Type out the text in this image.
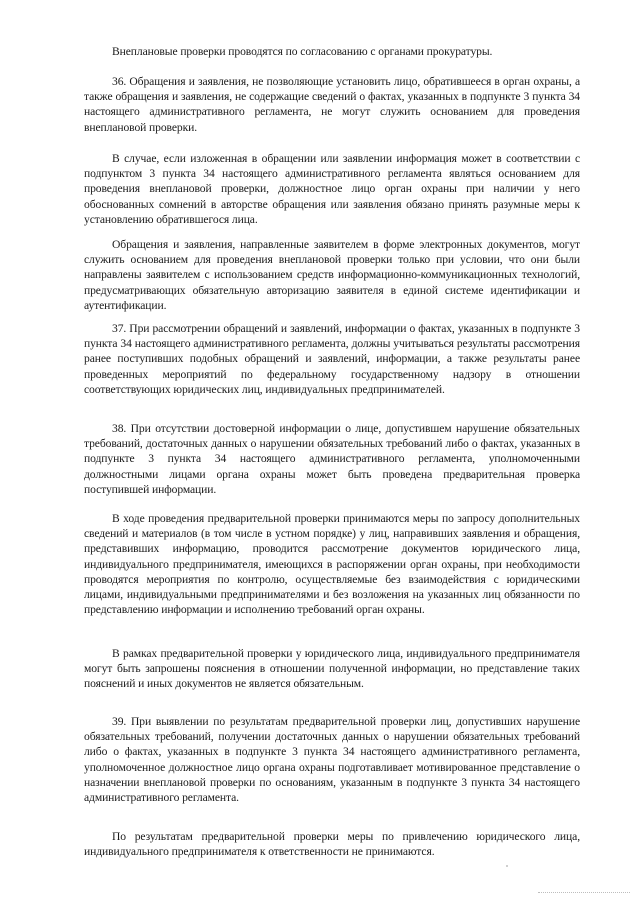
Внеплановые проверки проводятся по согласованию с органами прокуратуры.

36. Обращения и заявления, не позволяющие установить лицо, обратившееся в орган охраны, а также обращения и заявления, не содержащие сведений о фактах, указанных в подпункте 3 пункта 34 настоящего административного регламента, не могут служить основанием для проведения внеплановой проверки.

В случае, если изложенная в обращении или заявлении информация может в соответствии с подпунктом 3 пункта 34 настоящего административного регламента являться основанием для проведения внеплановой проверки, должностное лицо орган охраны при наличии у него обоснованных сомнений в авторстве обращения или заявления обязано принять разумные меры к установлению обратившегося лица.

Обращения и заявления, направленные заявителем в форме электронных документов, могут служить основанием для проведения внеплановой проверки только при условии, что они были направлены заявителем с использованием средств информационно-коммуникационных технологий, предусматривающих обязательную авторизацию заявителя в единой системе идентификации и аутентификации.

37. При рассмотрении обращений и заявлений, информации о фактах, указанных в подпункте 3 пункта 34 настоящего административного регламента, должны учитываться результаты рассмотрения ранее поступивших подобных обращений и заявлений, информации, а также результаты ранее проведенных мероприятий по федеральному государственному надзору в отношении соответствующих юридических лиц, индивидуальных предпринимателей.

38. При отсутствии достоверной информации о лице, допустившем нарушение обязательных требований, достаточных данных о нарушении обязательных требований либо о фактах, указанных в подпункте 3 пункта 34 настоящего административного регламента, уполномоченными должностными лицами органа охраны может быть проведена предварительная проверка поступившей информации.

В ходе проведения предварительной проверки принимаются меры по запросу дополнительных сведений и материалов (в том числе в устном порядке) у лиц, направивших заявления и обращения, представивших информацию, проводится рассмотрение документов юридического лица, индивидуального предпринимателя, имеющихся в распоряжении орган охраны, при необходимости проводятся мероприятия по контролю, осуществляемые без взаимодействия с юридическими лицами, индивидуальными предпринимателями и без возложения на указанных лиц обязанности по представлению информации и исполнению требований орган охраны.

В рамках предварительной проверки у юридического лица, индивидуального предпринимателя могут быть запрошены пояснения в отношении полученной информации, но представление таких пояснений и иных документов не является обязательным.

39. При выявлении по результатам предварительной проверки лиц, допустивших нарушение обязательных требований, получении достаточных данных о нарушении обязательных требований либо о фактах, указанных в подпункте 3 пункта 34 настоящего административного регламента, уполномоченное должностное лицо органа охраны подготавливает мотивированное представление о назначении внеплановой проверки по основаниям, указанным в подпункте 3 пункта 34 настоящего административного регламента.

По результатам предварительной проверки меры по привлечению юридического лица, индивидуального предпринимателя к ответственности не принимаются.
